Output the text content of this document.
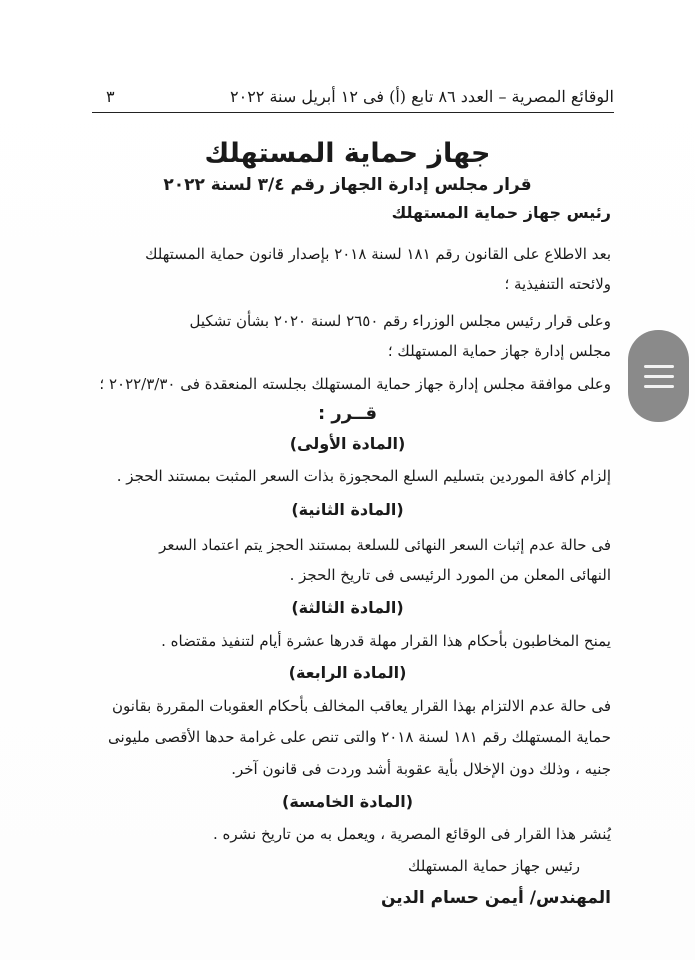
الوقائع المصرية – العدد ٨٦ تابع (أ) فى ١٢ أبريل سنة ٢٠٢٢
٣
جهاز حماية المستهلك
قرار مجلس إدارة الجهاز رقم ٣/٤ لسنة ٢٠٢٢
رئيس جهاز حماية المستهلك
بعد الاطلاع على القانون رقم ١٨١ لسنة ٢٠١٨ بإصدار قانون حماية المستهلك
ولائحته التنفيذية ؛
وعلى قرار رئيس مجلس الوزراء رقم ٢٦٥٠ لسنة ٢٠٢٠ بشأن تشكيل
مجلس إدارة جهاز حماية المستهلك ؛
وعلى موافقة مجلس إدارة جهاز حماية المستهلك بجلسته المنعقدة فى ٢٠٢٢/٣/٣٠ ؛
قــرر :
(المادة الأولى)
إلزام كافة الموردين بتسليم السلع المحجوزة بذات السعر المثبت بمستند الحجز .
(المادة الثانية)
فى حالة عدم إثبات السعر النهائى للسلعة بمستند الحجز يتم اعتماد السعر
النهائى المعلن من المورد الرئيسى فى تاريخ الحجز .
(المادة الثالثة)
يمنح المخاطبون بأحكام هذا القرار مهلة قدرها عشرة أيام لتنفيذ مقتضاه .
(المادة الرابعة)
فى حالة عدم الالتزام بهذا القرار يعاقب المخالف بأحكام العقوبات المقررة بقانون
حماية المستهلك رقم ١٨١ لسنة ٢٠١٨ والتى تنص على غرامة حدها الأقصى مليونى
جنيه ، وذلك دون الإخلال بأية عقوبة أشد وردت فى قانون آخر.
(المادة الخامسة)
يُنشر هذا القرار فى الوقائع المصرية ، ويعمل به من تاريخ نشره .
رئيس جهاز حماية المستهلك
المهندس/ أيمن حسام الدين
